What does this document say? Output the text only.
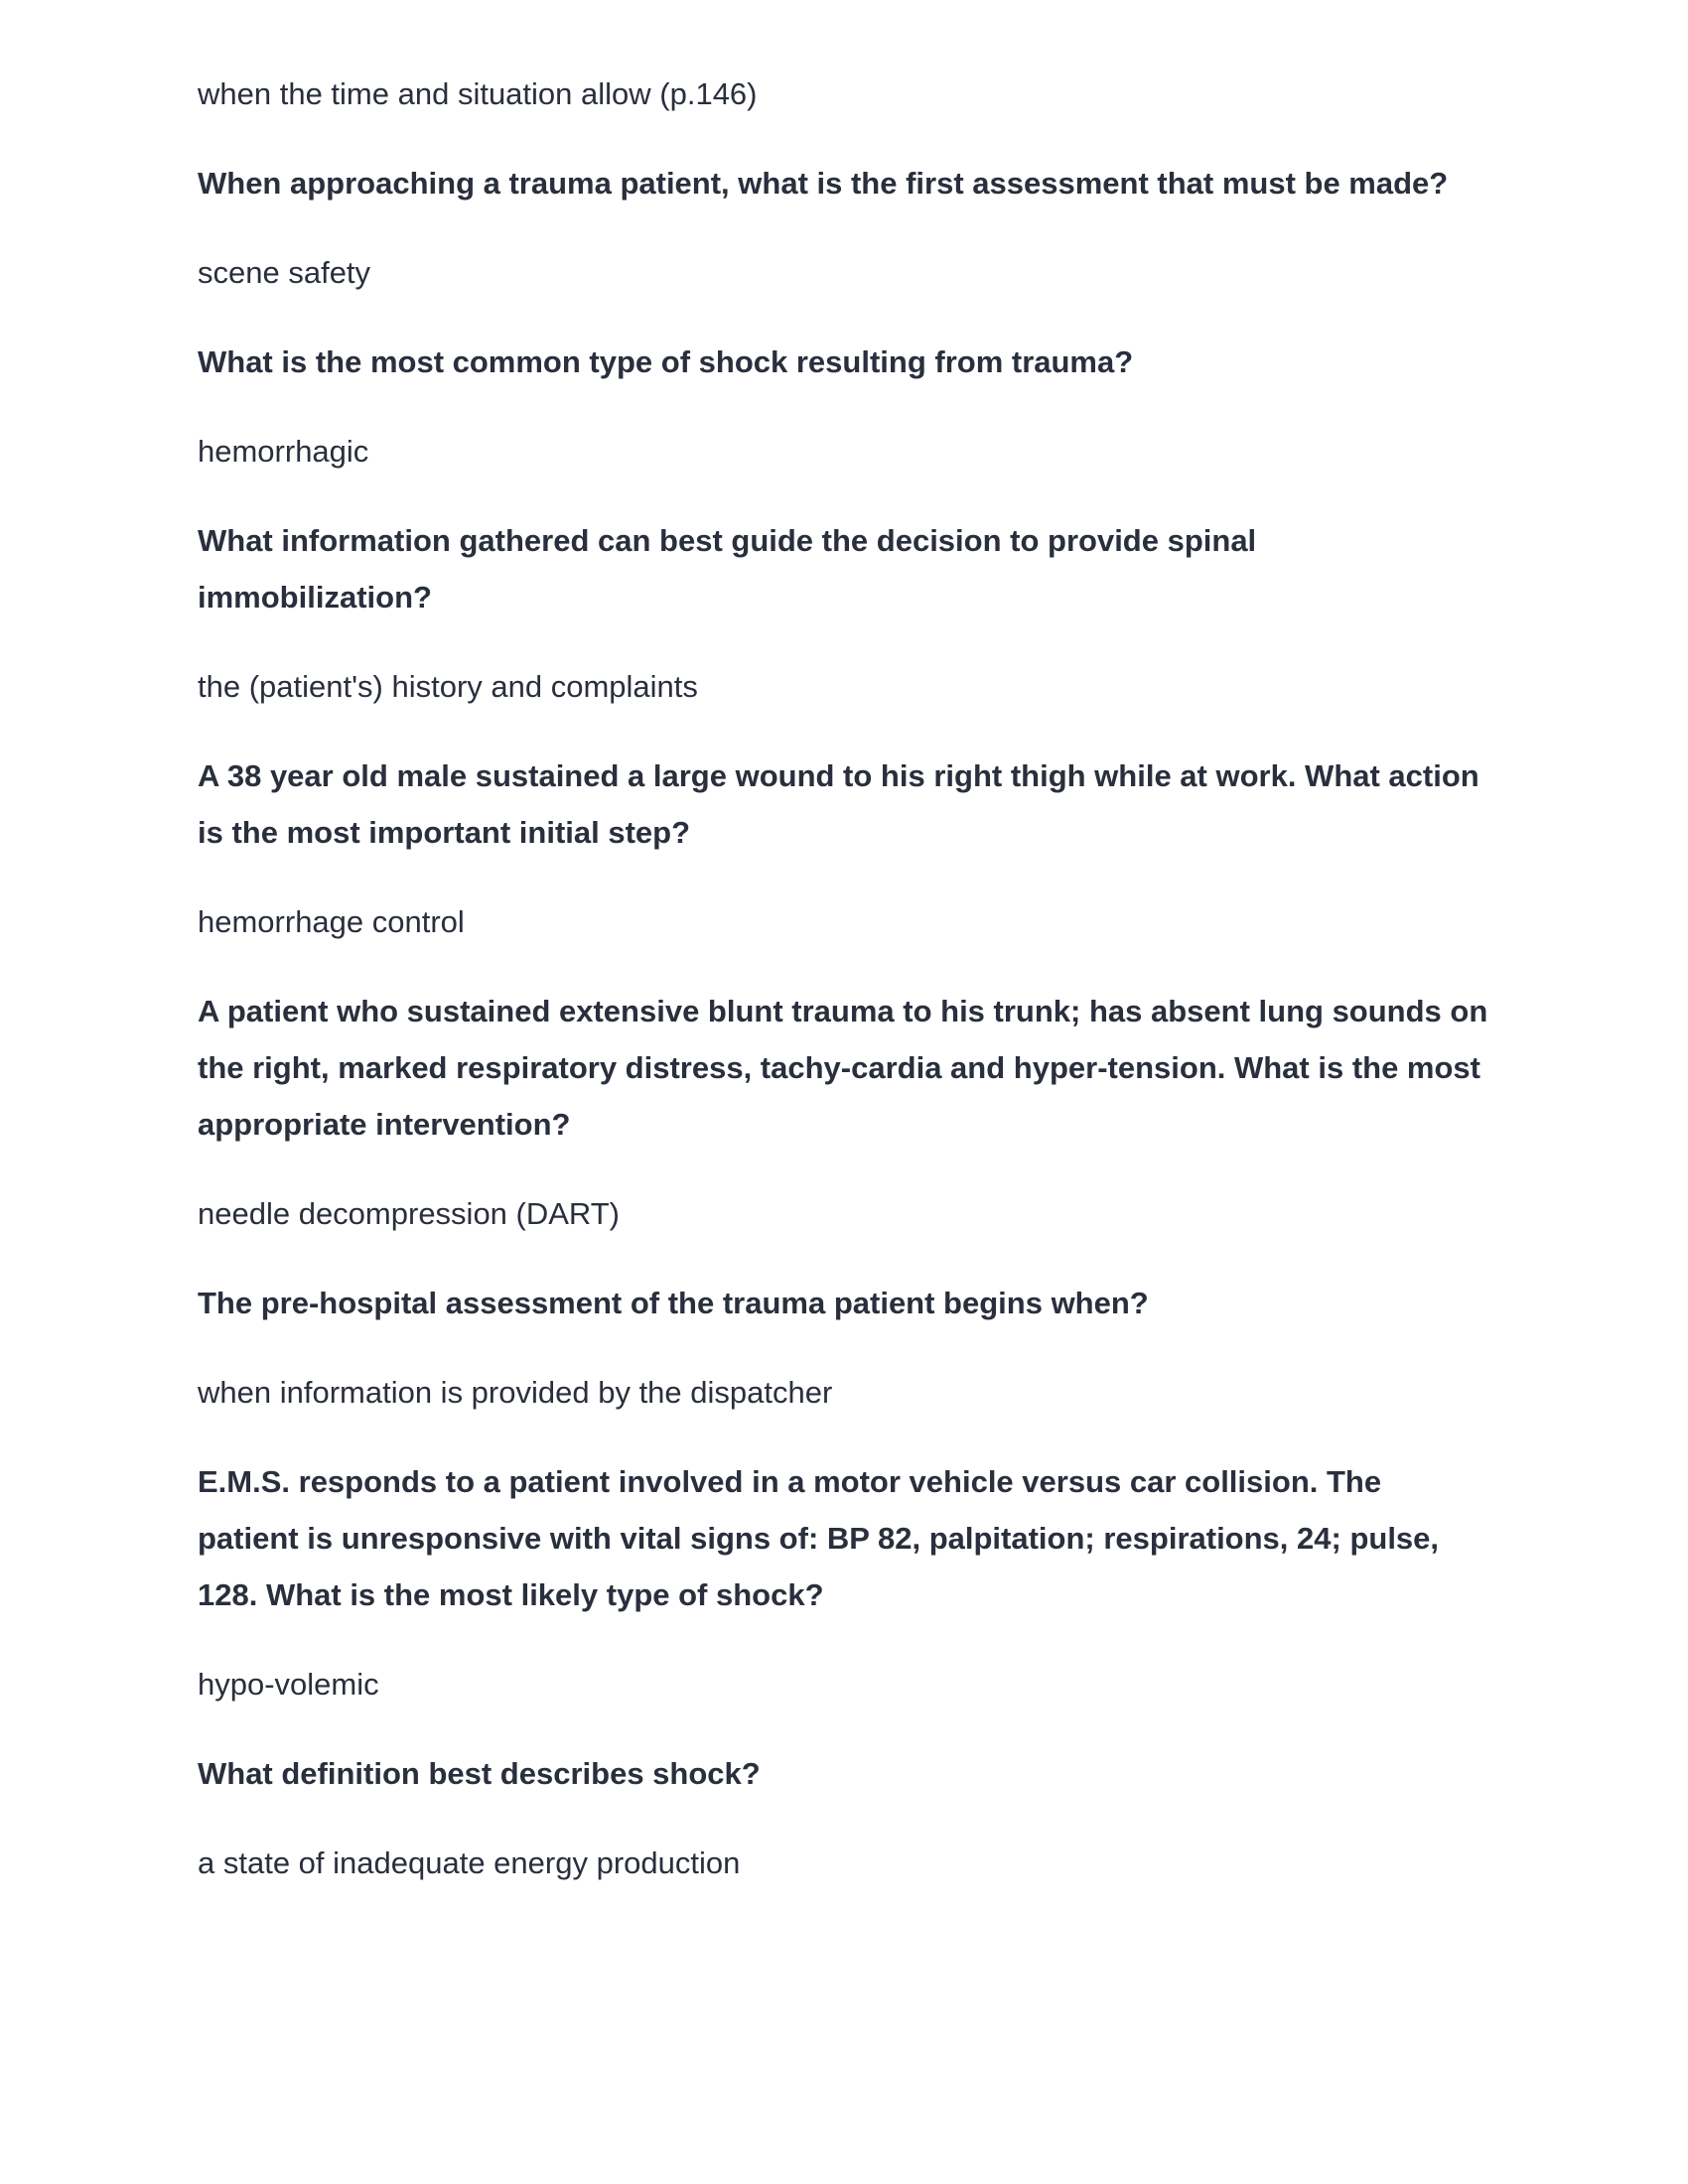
when the time and situation allow (p.146)

When approaching a trauma patient, what is the first assessment that must be made?

scene safety

What is the most common type of shock resulting from trauma?

hemorrhagic

What information gathered can best guide the decision to provide spinal immobilization?

the (patient's) history and complaints

A 38 year old male sustained a large wound to his right thigh while at work. What action is the most important initial step?

hemorrhage control

A patient who sustained extensive blunt trauma to his trunk; has absent lung sounds on the right, marked respiratory distress, tachy-cardia and hyper-tension. What is the most appropriate intervention?

needle decompression (DART)

The pre-hospital assessment of the trauma patient begins when?

when information is provided by the dispatcher

E.M.S. responds to a patient involved in a motor vehicle versus car collision. The patient is unresponsive with vital signs of: BP 82, palpitation; respirations, 24; pulse, 128. What is the most likely type of shock?

hypo-volemic

What definition best describes shock?

a state of inadequate energy production
